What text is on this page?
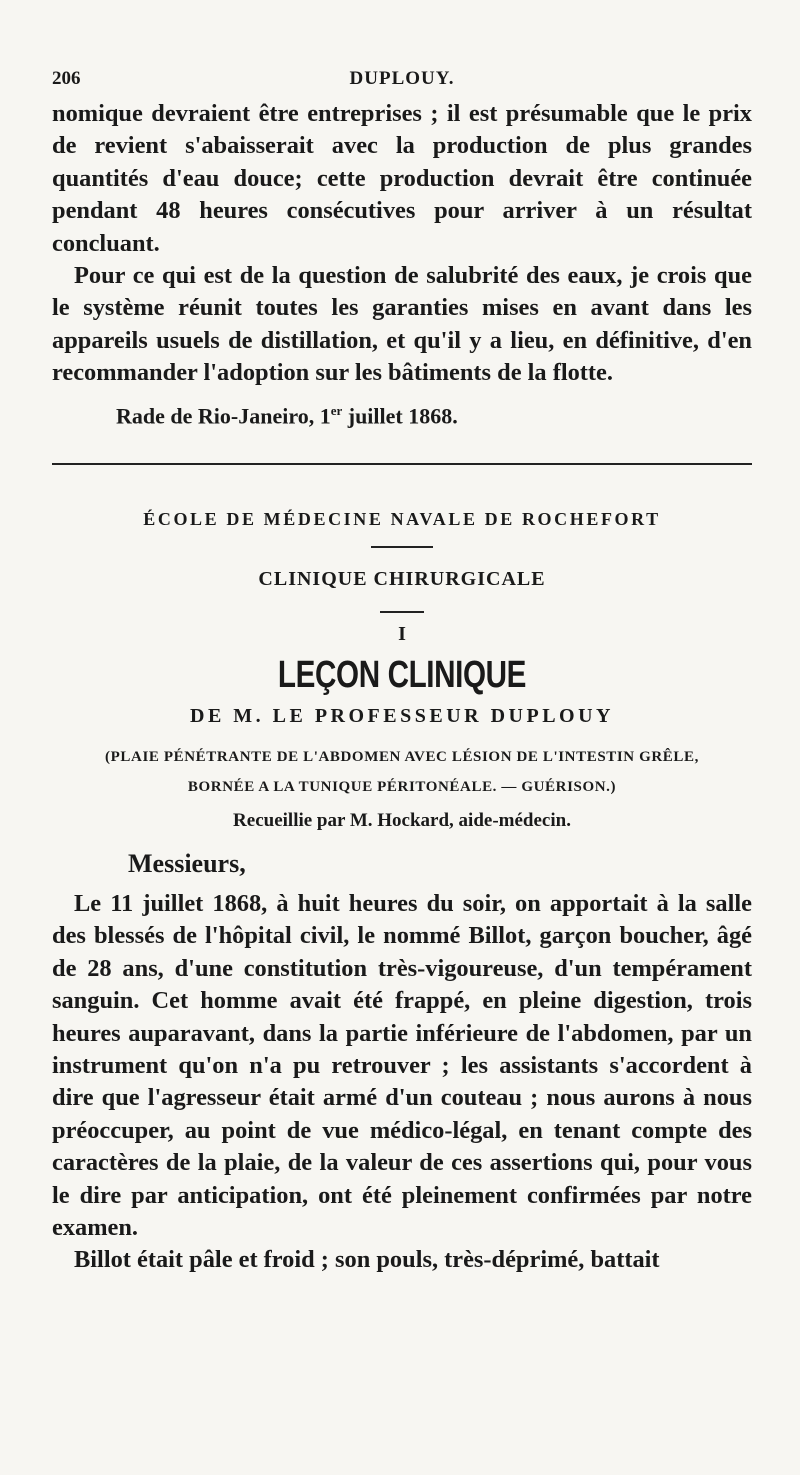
206	DUPLOUY.

nomique devraient être entreprises ; il est présumable que le prix de revient s'abaisserait avec la production de plus grandes quantités d'eau douce; cette production devrait être continuée pendant 48 heures consécutives pour arriver à un résultat concluant.

Pour ce qui est de la question de salubrité des eaux, je crois que le système réunit toutes les garanties mises en avant dans les appareils usuels de distillation, et qu'il y a lieu, en définitive, d'en recommander l'adoption sur les bâtiments de la flotte.

Rade de Rio-Janeiro, 1er juillet 1868.
ÉCOLE DE MÉDECINE NAVALE DE ROCHEFORT
CLINIQUE CHIRURGICALE
I
LEÇON CLINIQUE
DE M. LE PROFESSEUR DUPLOUY
(PLAIE PÉNÉTRANTE DE L'ABDOMEN AVEC LÉSION DE L'INTESTIN GRÊLE,
BORNÉE A LA TUNIQUE PÉRITONÉALE. — GUÉRISON.)
Recueillie par M. Hockard, aide-médecin.
Messieurs,

Le 11 juillet 1868, à huit heures du soir, on apportait à la salle des blessés de l'hôpital civil, le nommé Billot, garçon boucher, âgé de 28 ans, d'une constitution très-vigoureuse, d'un tempérament sanguin. Cet homme avait été frappé, en pleine digestion, trois heures auparavant, dans la partie inférieure de l'abdomen, par un instrument qu'on n'a pu retrouver ; les assistants s'accordent à dire que l'agresseur était armé d'un couteau ; nous aurons à nous préoccuper, au point de vue médico-légal, en tenant compte des caractères de la plaie, de la valeur de ces assertions qui, pour vous le dire par anticipation, ont été pleinement confirmées par notre examen.

Billot était pâle et froid ; son pouls, très-déprimé, battait
